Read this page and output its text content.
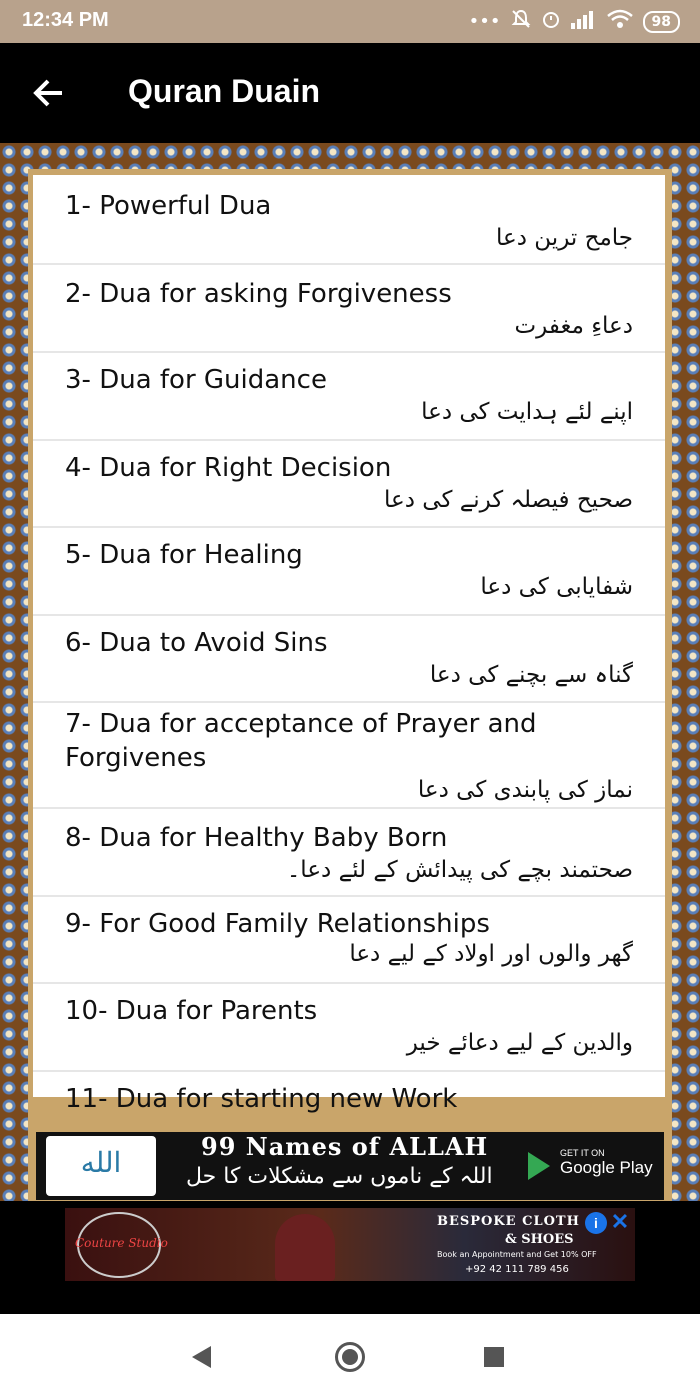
12:34 PM	•••	98
Quran Duain
1- Powerful Dua
جامح ترین دعا
2- Dua for asking Forgiveness
دعاءِ مغفرت
3- Dua for Guidance
اپنے لئے ہدایت کی دعا
4- Dua for Right Decision
صحیح فیصلہ کرنے کی دعا
5- Dua for Healing
شفایابی کی دعا
6- Dua to Avoid Sins
گناہ سے بچنے کی دعا
7- Dua for acceptance of Prayer and
Forgivenes
نماز کی پابندی کی دعا
8- Dua for Healthy Baby Born
صحتمند بچے کی پیدائش کے لئے دعا۔
9- For Good Family Relationships
گھر والوں اور اولاد کے لیے دعا
10- Dua for Parents
والدین کے لیے دعائے خیر
11- Dua for starting new Work
الله	99 Names of ALLAH
اللہ کے ناموں سے مشکلات کا حل
GET IT ON
Google Play
Couture Studio
BESPOKE CLOTH
& SHOES
Book an Appointment and Get 10% OFF
+92 42 111 789 456
i ✕
